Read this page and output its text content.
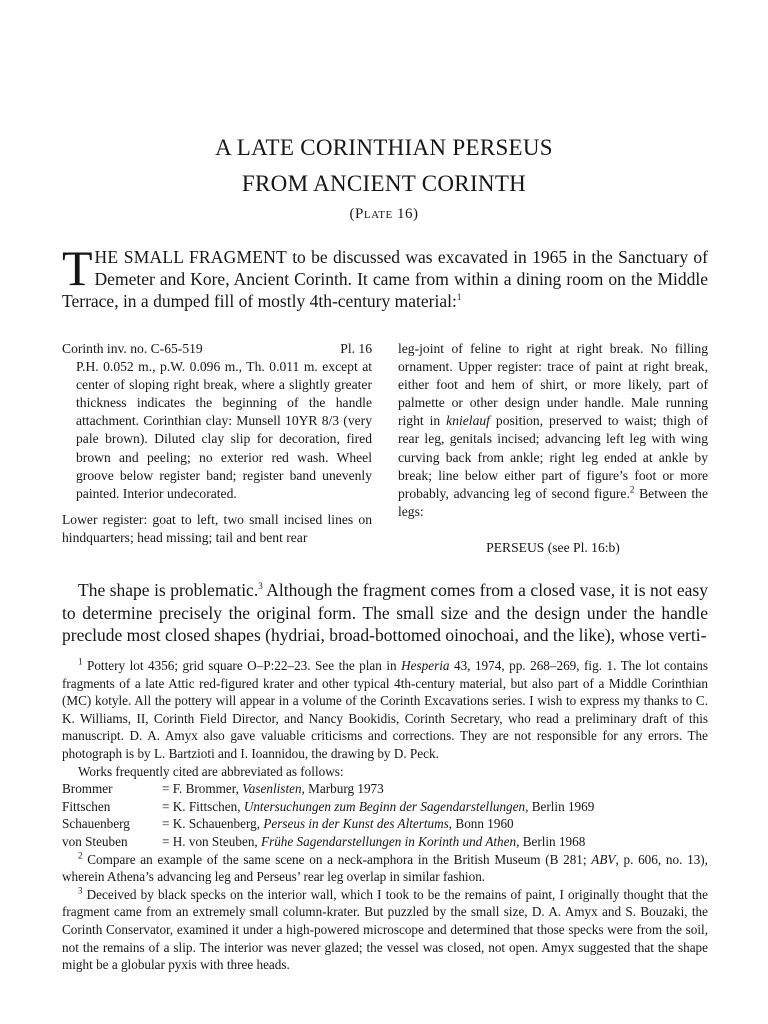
A LATE CORINTHIAN PERSEUS
FROM ANCIENT CORINTH
(Plate 16)

THE SMALL FRAGMENT to be discussed was excavated in 1965 in the Sanctuary of Demeter and Kore, Ancient Corinth. It came from within a dining room on the Middle Terrace, in a dumped fill of mostly 4th-century material:$^1$

Corinth inv. no. C-65-519	Pl. 16

P.H. 0.052 m., p.W. 0.096 m., Th. 0.011 m. except at center of sloping right break, where a slightly greater thickness indicates the beginning of the handle attachment. Corinthian clay: Munsell 10YR 8/3 (very pale brown). Diluted clay slip for decoration, fired brown and peeling; no exterior red wash. Wheel groove below register band; register band unevenly painted. Interior undecorated.

Lower register: goat to left, two small incised lines on hindquarters; head missing; tail and bent rear

leg-joint of feline to right at right break. No filling ornament. Upper register: trace of paint at right break, either foot and hem of shirt, or more likely, part of palmette or other design under handle. Male running right in knielauf position, preserved to waist; thigh of rear leg, genitals incised; advancing left leg with wing curving back from ankle; right leg ended at ankle by break; line below either part of figure’s foot or more probably, advancing leg of second figure.$^2$ Between the legs:

PERSEUS (see Pl. 16:b)

The shape is problematic.$^3$ Although the fragment comes from a closed vase, it is not easy to determine precisely the original form. The small size and the design under the handle preclude most closed shapes (hydriai, broad-bottomed oinochoai, and the like), whose verti-

$^1$ Pottery lot 4356; grid square O–P:22–23. See the plan in Hesperia 43, 1974, pp. 268–269, fig. 1. The lot contains fragments of a late Attic red-figured krater and other typical 4th-century material, but also part of a Middle Corinthian (MC) kotyle. All the pottery will appear in a volume of the Corinth Excavations series. I wish to express my thanks to C. K. Williams, II, Corinth Field Director, and Nancy Bookidis, Corinth Secretary, who read a preliminary draft of this manuscript. D. A. Amyx also gave valuable criticisms and corrections. They are not responsible for any errors. The photograph is by L. Bartzioti and I. Ioannidou, the drawing by D. Peck.

Works frequently cited are abbreviated as follows:

Brommer	= F. Brommer, Vasenlisten, Marburg 1973
Fittschen	= K. Fittschen, Untersuchungen zum Beginn der Sagendarstellungen, Berlin 1969
Schauenberg	= K. Schauenberg, Perseus in der Kunst des Altertums, Bonn 1960
von Steuben	= H. von Steuben, Frühe Sagendarstellungen in Korinth und Athen, Berlin 1968

$^2$ Compare an example of the same scene on a neck-amphora in the British Museum (B 281; ABV, p. 606, no. 13), wherein Athena’s advancing leg and Perseus’ rear leg overlap in similar fashion.

$^3$ Deceived by black specks on the interior wall, which I took to be the remains of paint, I originally thought that the fragment came from an extremely small column-krater. But puzzled by the small size, D. A. Amyx and S. Bouzaki, the Corinth Conservator, examined it under a high-powered microscope and determined that those specks were from the soil, not the remains of a slip. The interior was never glazed; the vessel was closed, not open. Amyx suggested that the shape might be a globular pyxis with three heads.
